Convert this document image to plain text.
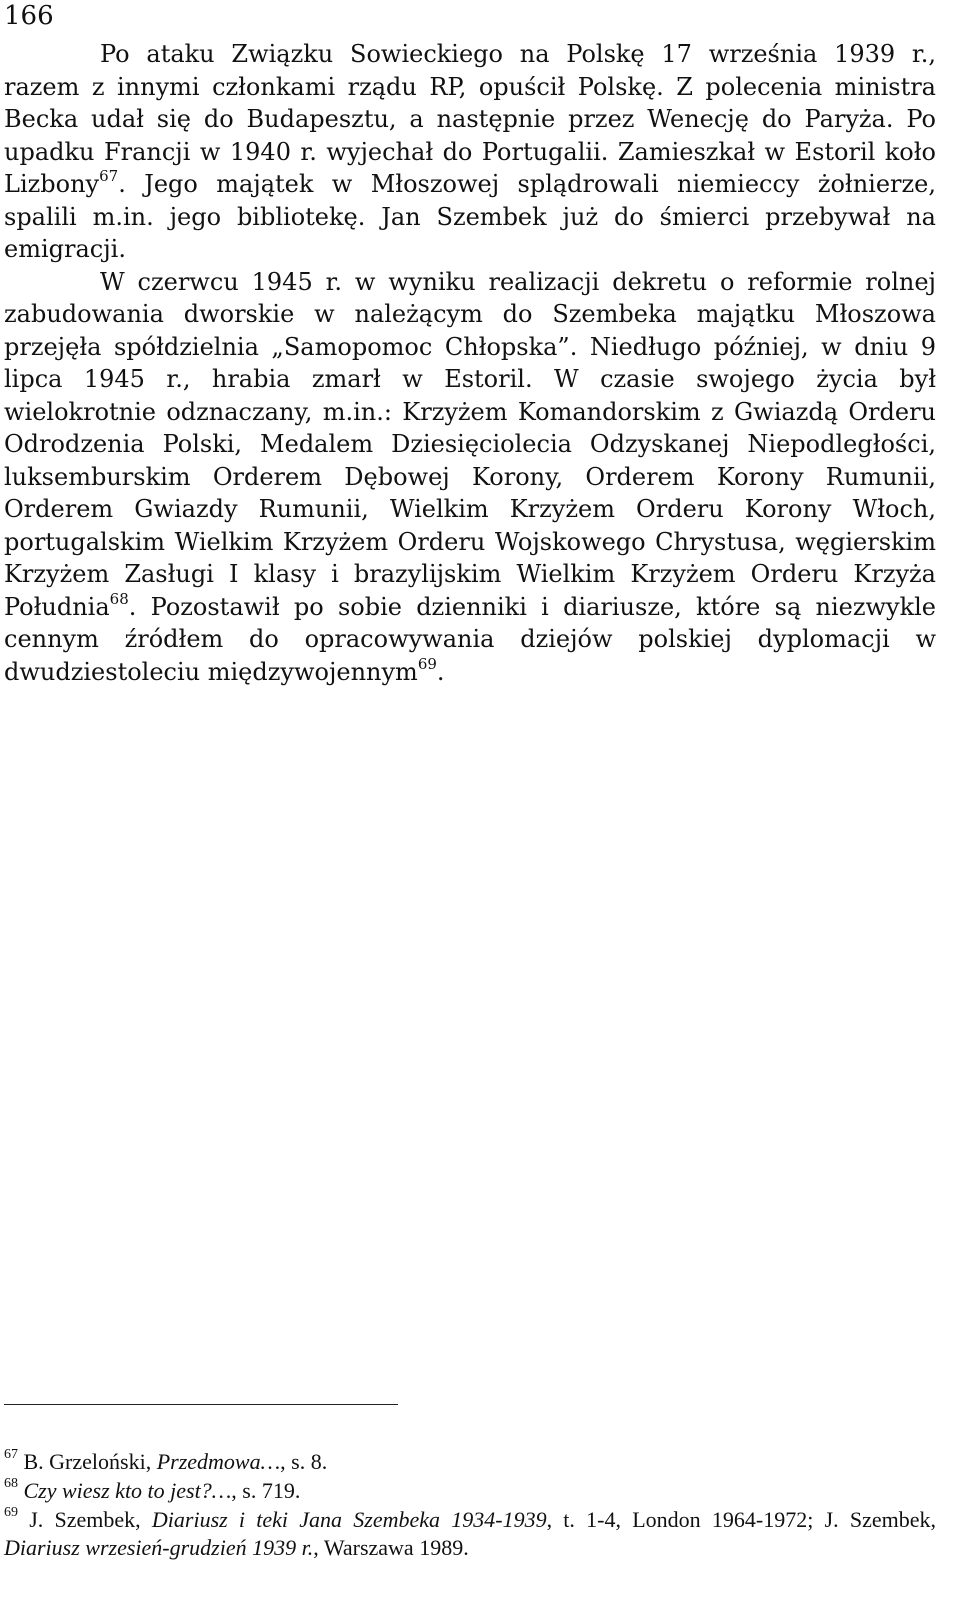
166

Po ataku Związku Sowieckiego na Polskę 17 września 1939 r., razem z innymi członkami rządu RP, opuścił Polskę. Z polecenia ministra Becka udał się do Budapesztu, a następnie przez Wenecję do Paryża. Po upadku Francji w 1940 r. wyjechał do Portugalii. Zamieszkał w Estoril koło Lizbony$^{67}$. Jego majątek w Młoszowej splądrowali niemieccy żołnierze, spalili m.in. jego bibliotekę. Jan Szembek już do śmierci przebywał na emigracji.

W czerwcu 1945 r. w wyniku realizacji dekretu o reformie rolnej zabudowania dworskie w należącym do Szembeka majątku Młoszowa przejęła spółdzielnia „Samopomoc Chłopska”. Niedługo później, w dniu 9 lipca 1945 r., hrabia zmarł w Estoril. W czasie swojego życia był wielokrotnie odznaczany, m.in.: Krzyżem Komandorskim z Gwiazdą Orderu Odrodzenia Polski, Medalem Dziesięciolecia Odzyskanej Niepodległości, luksemburskim Orderem Dębowej Korony, Orderem Korony Rumunii, Orderem Gwiazdy Rumunii, Wielkim Krzyżem Orderu Korony Włoch, portugalskim Wielkim Krzyżem Orderu Wojskowego Chrystusa, węgierskim Krzyżem Zasługi I klasy i brazylijskim Wielkim Krzyżem Orderu Krzyża Południa$^{68}$. Pozostawił po sobie dzienniki i diariusze, które są niezwykle cennym źródłem do opracowywania dziejów polskiej dyplomacji w dwudziestoleciu międzywojennym$^{69}$.

$^{67}$ B. Grzeloński, Przedmowa…, s. 8.

$^{68}$ Czy wiesz kto to jest?…, s. 719.

$^{69}$ J. Szembek, Diariusz i teki Jana Szembeka 1934-1939, t. 1-4, London 1964-1972; J. Szembek, Diariusz wrzesień-grudzień 1939 r., Warszawa 1989.
